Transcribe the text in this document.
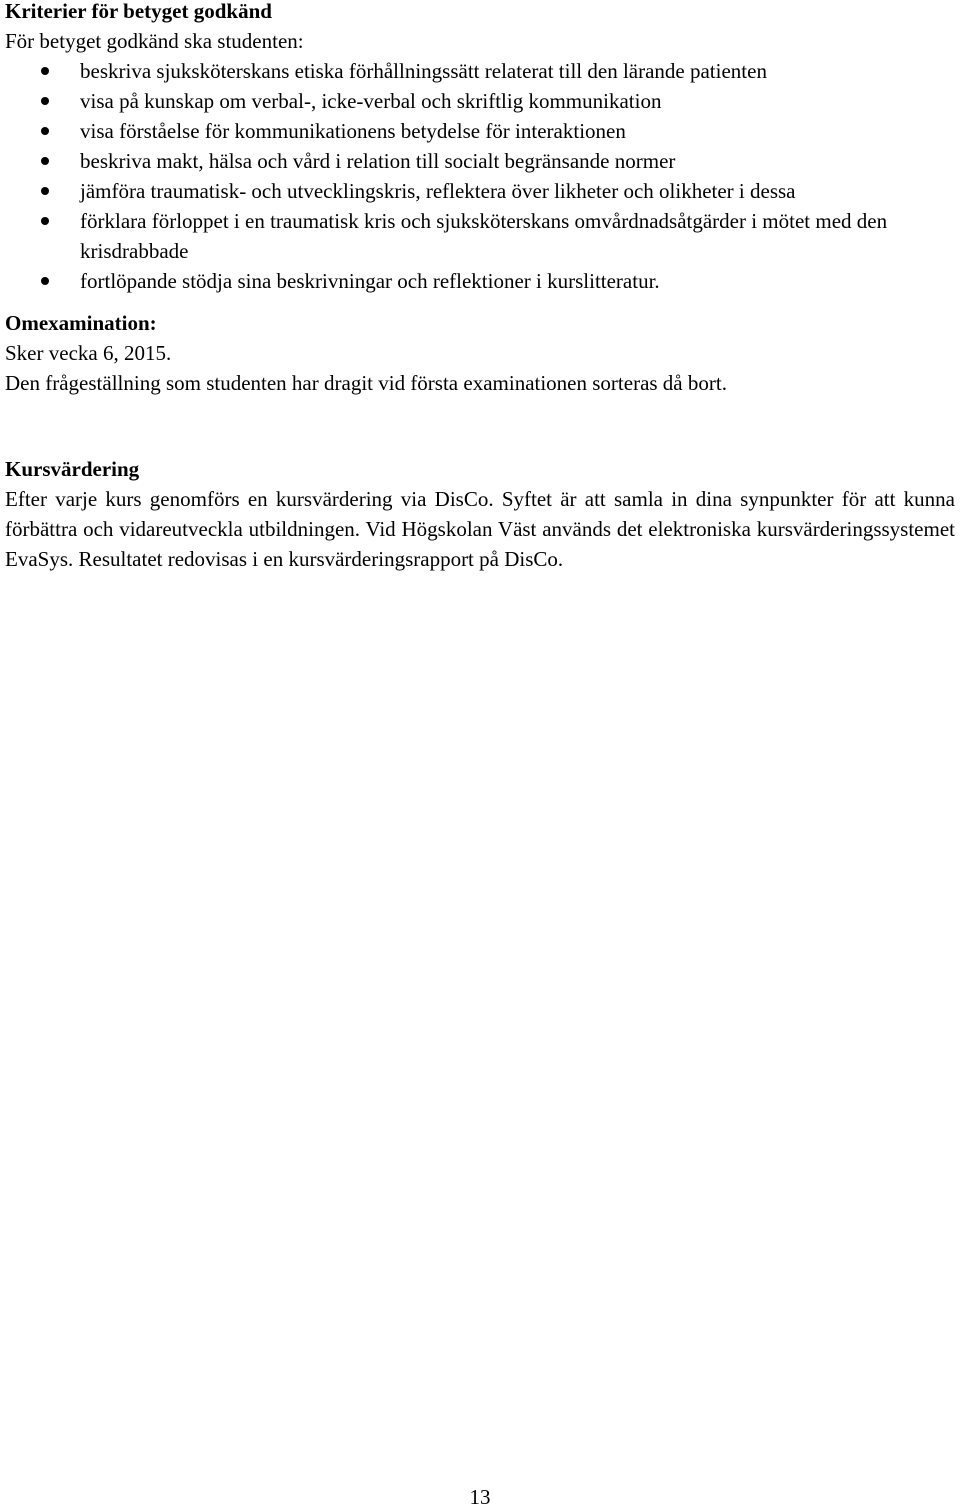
Kriterier för betyget godkänd

För betyget godkänd ska studenten:

beskriva sjuksköterskans etiska förhållningssätt relaterat till den lärande patienten
visa på kunskap om verbal-, icke-verbal och skriftlig kommunikation
visa förståelse för kommunikationens betydelse för interaktionen
beskriva makt, hälsa och vård i relation till socialt begränsande normer
jämföra traumatisk- och utvecklingskris, reflektera över likheter och olikheter i dessa
förklara förloppet i en traumatisk kris och sjuksköterskans omvårdnadsåtgärder i mötet med den krisdrabbade
fortlöpande stödja sina beskrivningar och reflektioner i kurslitteratur.

Omexamination:

Sker vecka 6, 2015.

Den frågeställning som studenten har dragit vid första examinationen sorteras då bort.

Kursvärdering

Efter varje kurs genomförs en kursvärdering via DisCo. Syftet är att samla in dina synpunkter för att kunna förbättra och vidareutveckla utbildningen. Vid Högskolan Väst används det elektroniska kursvärderingssystemet EvaSys. Resultatet redovisas i en kursvärderingsrapport på DisCo.

13
